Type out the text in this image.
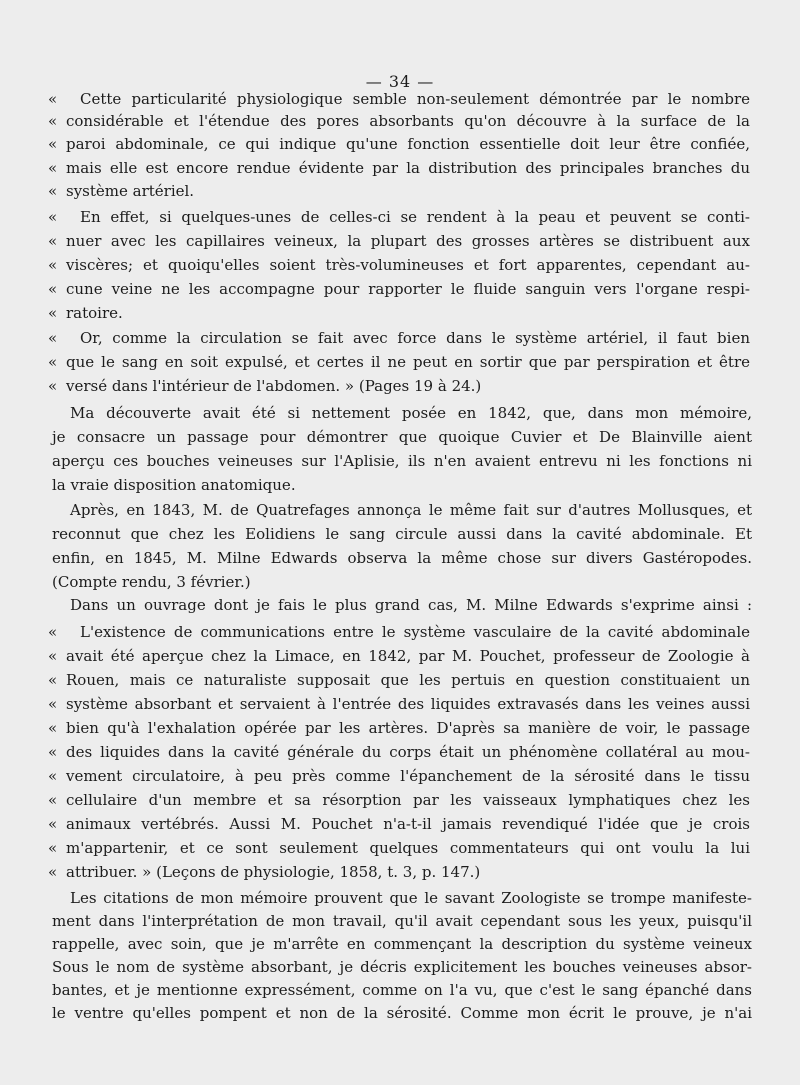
— 34 —
« Cette particularité physiologique semble non-seulement démontrée par le nombre
« considérable et l'étendue des pores absorbants qu'on découvre à la surface de la
« paroi abdominale, ce qui indique qu'une fonction essentielle doit leur être confiée,
« mais elle est encore rendue évidente par la distribution des principales branches du
« système artériel.
« En effet, si quelques-unes de celles-ci se rendent à la peau et peuvent se conti-
« nuer avec les capillaires veineux, la plupart des grosses artères se distribuent aux
« viscères; et quoiqu'elles soient très-volumineuses et fort apparentes, cependant au-
« cune veine ne les accompagne pour rapporter le fluide sanguin vers l'organe respi-
« ratoire.
« Or, comme la circulation se fait avec force dans le système artériel, il faut bien
« que le sang en soit expulsé, et certes il ne peut en sortir que par perspiration et être
« versé dans l'intérieur de l'abdomen. » (Pages 19 à 24.)
Ma découverte avait été si nettement posée en 1842, que, dans mon mémoire,
je consacre un passage pour démontrer que quoique Cuvier et De Blainville aient
aperçu ces bouches veineuses sur l'Aplisie, ils n'en avaient entrevu ni les fonctions ni
la vraie disposition anatomique.
Après, en 1843, M. de Quatrefages annonça le même fait sur d'autres Mollusques, et
reconnut que chez les Eolidiens le sang circule aussi dans la cavité abdominale. Et
enfin, en 1845, M. Milne Edwards observa la même chose sur divers Gastéropodes.
(Compte rendu, 3 février.)
Dans un ouvrage dont je fais le plus grand cas, M. Milne Edwards s'exprime ainsi :
« L'existence de communications entre le système vasculaire de la cavité abdominale
« avait été aperçue chez la Limace, en 1842, par M. Pouchet, professeur de Zoologie à
« Rouen, mais ce naturaliste supposait que les pertuis en question constituaient un
« système absorbant et servaient à l'entrée des liquides extravasés dans les veines aussi
« bien qu'à l'exhalation opérée par les artères. D'après sa manière de voir, le passage
« des liquides dans la cavité générale du corps était un phénomène collatéral au mou-
« vement circulatoire, à peu près comme l'épanchement de la sérosité dans le tissu
« cellulaire d'un membre et sa résorption par les vaisseaux lymphatiques chez les
« animaux vertébrés. Aussi M. Pouchet n'a-t-il jamais revendiqué l'idée que je crois
« m'appartenir, et ce sont seulement quelques commentateurs qui ont voulu la lui
« attribuer. » (Leçons de physiologie, 1858, t. 3, p. 147.)
Les citations de mon mémoire prouvent que le savant Zoologiste se trompe manifeste-
ment dans l'interprétation de mon travail, qu'il avait cependant sous les yeux, puisqu'il
rappelle, avec soin, que je m'arrête en commençant la description du système veineux
Sous le nom de système absorbant, je décris explicitement les bouches veineuses absor-
bantes, et je mentionne expressément, comme on l'a vu, que c'est le sang épanché dans
le ventre qu'elles pompent et non de la sérosité. Comme mon écrit le prouve, je n'ai
